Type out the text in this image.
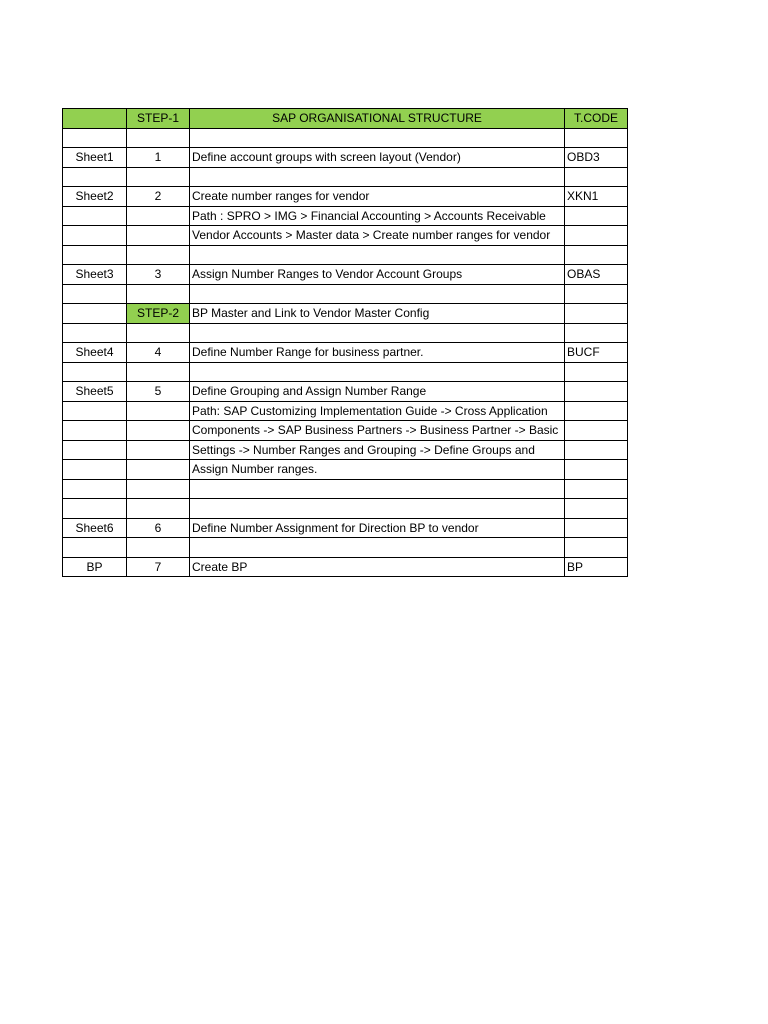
	STEP-1	SAP ORGANISATIONAL STRUCTURE	T.CODE

Sheet1	1	Define account groups with screen layout (Vendor)	OBD3

Sheet2	2	Create number ranges for vendor	XKN1
		Path : SPRO > IMG > Financial Accounting > Accounts Receivable	
		Vendor Accounts > Master data > Create number ranges for vendor	

Sheet3	3	Assign Number Ranges to Vendor Account Groups	OBAS

	STEP-2	BP Master and Link to Vendor Master Config	

Sheet4	4	Define Number Range for business partner.	BUCF

Sheet5	5	Define Grouping and Assign Number Range	
		Path: SAP Customizing Implementation Guide -> Cross Application	
		Components -> SAP Business Partners -> Business Partner -> Basic	
		Settings -> Number Ranges and Grouping -> Define Groups and	
		Assign Number ranges.	

Sheet6	6	Define Number Assignment for Direction BP to vendor	

BP	7	Create BP	BP
